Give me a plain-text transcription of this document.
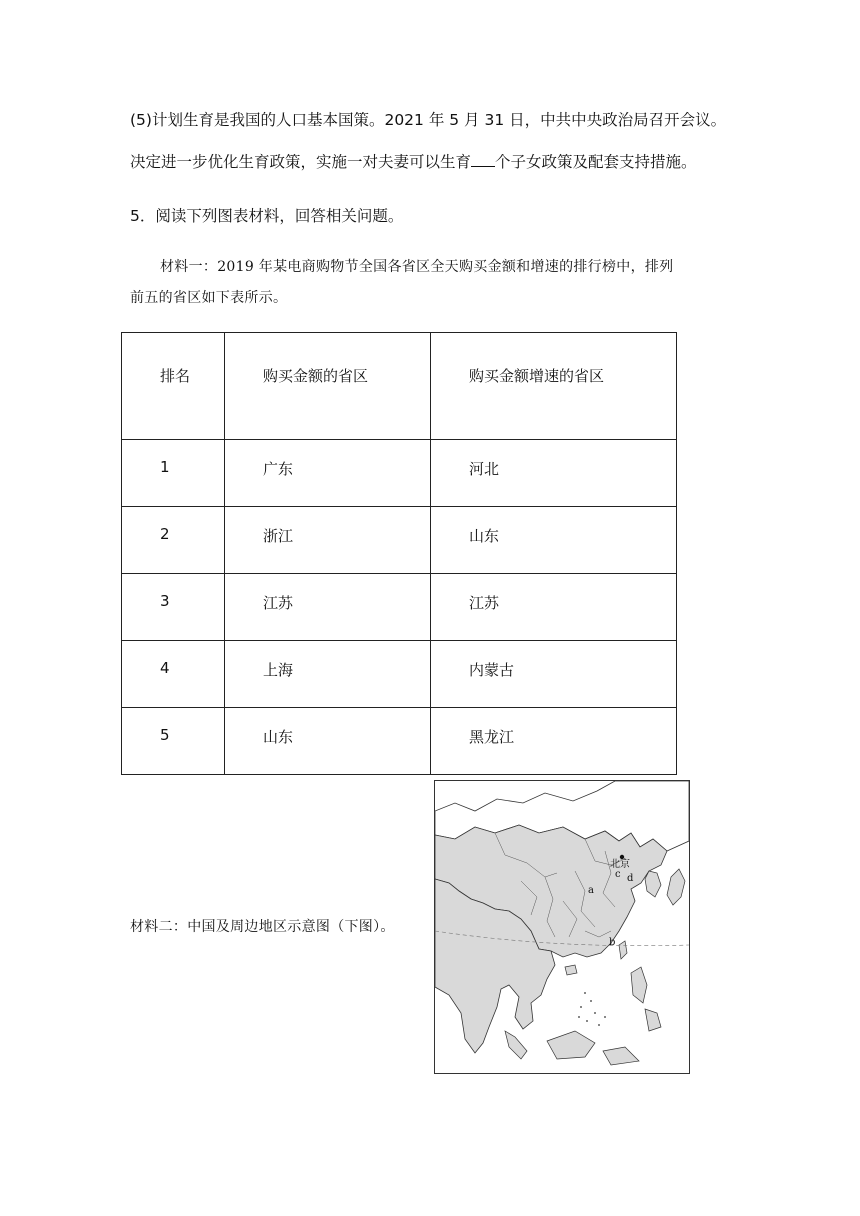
(5)计划生育是我国的人口基本国策。2021 年 5 月 31 日，中共中央政治局召开会议。
决定进一步优化生育政策，实施一对夫妻可以生育 个子女政策及配套支持措施。
5．阅读下列图表材料，回答相关问题。
材料一：2019 年某电商购物节全国各省区全天购买金额和增速的排行榜中，排列
前五的省区如下表所示。
排名	购买金额的省区	购买金额增速的省区

1	广东	河北

2	浙江	山东

3	江苏	江苏

4	上海	内蒙古

5	山东	黑龙江
材料二：中国及周边地区示意图（下图）。
北京
c d
a
b
